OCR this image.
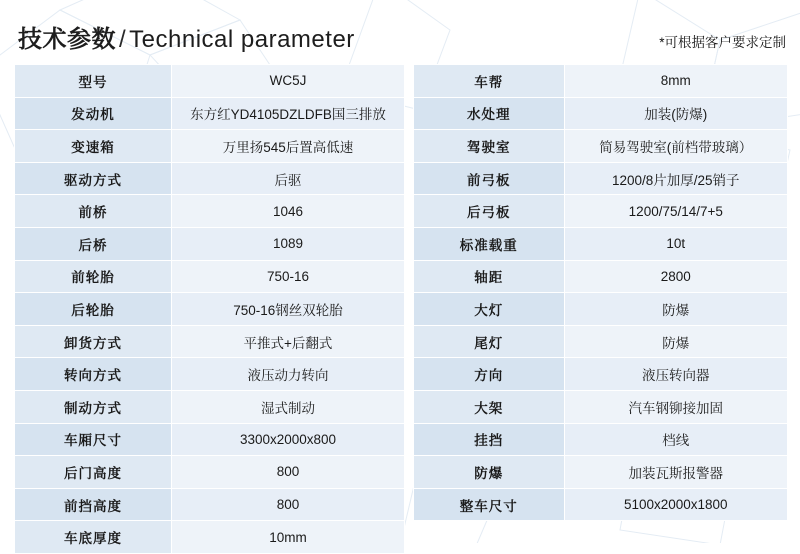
技术参数 / Technical parameter	*可根据客户要求定制
型号	WC5J
发动机	东方红YD4105DZLDFB国三排放
变速箱	万里扬545后置高低速
驱动方式	后驱
前桥	1046
后桥	1089
前轮胎	750-16
后轮胎	750-16钢丝双轮胎
卸货方式	平推式+后翻式
转向方式	液压动力转向
制动方式	湿式制动
车厢尺寸	3300x2000x800
后门高度	800
前挡高度	800
车底厚度	10mm
车帮	8mm
水处理	加装(防爆)
驾驶室	简易驾驶室(前档带玻璃）
前弓板	1200/8片加厚/25销子
后弓板	1200/75/14/7+5
标准载重	10t
轴距	2800
大灯	防爆
尾灯	防爆
方向	液压转向器
大架	汽车钢铆接加固
挂挡	档线
防爆	加装瓦斯报警器
整车尺寸	5100x2000x1800
